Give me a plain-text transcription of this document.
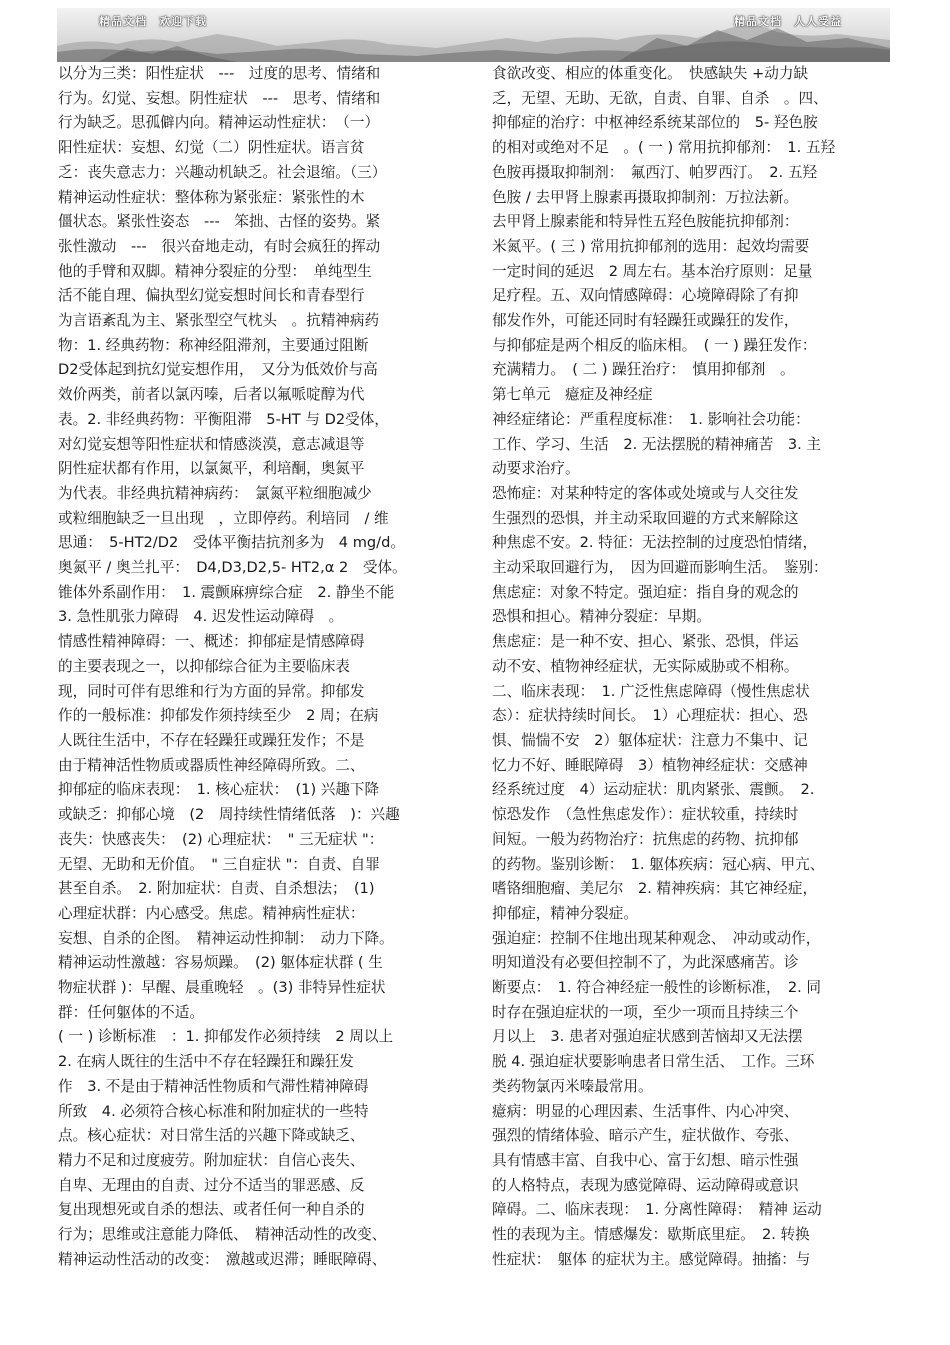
精品文档　欢迎下载	精品文档　人人受益

以分为三类：阳性症状　---　过度的思考、情绪和

行为。幻觉、妄想。阴性症状　---　思考、情绪和

行为缺乏。思孤僻内向。精神运动性症状：　（一）

阳性症状：妄想、幻觉（二）阴性症状。语言贫

乏：丧失意志力：兴趣动机缺乏。社会退缩。（三）

精神运动性症状：整体称为紧张症：紧张性的木

僵状态。紧张性姿态　---　笨拙、古怪的姿势。紧

张性激动　---　很兴奋地走动，有时会疯狂的挥动

他的手臂和双脚。精神分裂症的分型：　单纯型生

活不能自理、偏执型幻觉妄想时间长和青春型行

为言语紊乱为主、紧张型空气枕头　。抗精神病药

物：1. 经典药物：称神经阻滞剂，主要通过阻断

D2受体起到抗幻觉妄想作用，　又分为低效价与高

效价两类，前者以氯丙嗪，后者以氟哌啶醇为代

表。2. 非经典药物：平衡阻滞　5-HT 与 D2受体，

对幻觉妄想等阳性症状和情感淡漠，意志减退等

阴性症状都有作用，以氯氮平，利培酮，奥氮平

为代表。非经典抗精神病药：　氯氮平粒细胞减少

或粒细胞缺乏一旦出现　，立即停药。利培同　/ 维

思通：　5-HT2/D2　受体平衡拮抗剂多为　4 mg/d。

奥氮平 / 奥兰扎平：　D4,D3,D2,5- HT2,α 2　受体。

锥体外系副作用：　1. 震颤麻痹综合症　2. 静坐不能

3. 急性肌张力障碍　4. 迟发性运动障碍　。

情感性精神障碍：一、概述：抑郁症是情感障碍

的主要表现之一，以抑郁综合征为主要临床表

现，同时可伴有思维和行为方面的异常。抑郁发

作的一般标准：抑郁发作须持续至少　2 周；在病

人既往生活中，不存在轻躁狂或躁狂发作；不是

由于精神活性物质或器质性神经障碍所致。二、

抑郁症的临床表现：　1. 核心症状：　(1) 兴趣下降

或缺乏：抑郁心境　(2　周持续性情绪低落　)：兴趣

丧失：快感丧失：　(2) 心理症状：　" 三无症状 "：

无望、无助和无价值。　" 三自症状 "：自责、自罪

甚至自杀。　2. 附加症状：自责、自杀想法；　(1)

心理症状群：内心感受。焦虑。精神病性症状：

妄想、自杀的企图。　精神运动性抑制：　动力下降。

精神运动性激越：容易烦躁。　(2) 躯体症状群 ( 生

物症状群 )：早醒、晨重晚轻　。(3) 非特异性症状

群：任何躯体的不适。

( 一 ) 诊断标准　：1. 抑郁发作必须持续　2 周以上

2. 在病人既往的生活中不存在轻躁狂和躁狂发

作　3. 不是由于精神活性物质和气滞性精神障碍

所致　4. 必须符合核心标准和附加症状的一些特

点。核心症状：对日常生活的兴趣下降或缺乏、

精力不足和过度疲劳。附加症状：自信心丧失、

自卑、无理由的自责、过分不适当的罪恶感、反

复出现想死或自杀的想法、或者任何一种自杀的

行为；思维或注意能力降低、　精神活动性的改变、

精神运动性活动的改变：　激越或迟滞；睡眠障碍、

食欲改变、相应的体重变化。　快感缺失 +动力缺

乏，无望、无助、无欲，自责、自罪、自杀　。四、

抑郁症的治疗：中枢神经系统某部位的　5- 羟色胺

的相对或绝对不足　。( 一 ) 常用抗抑郁剂：　1. 五羟

色胺再摄取抑制剂：　氟西汀、帕罗西汀。　2. 五羟

色胺 / 去甲肾上腺素再摄取抑制剂：万拉法新。

去甲肾上腺素能和特异性五羟色胺能抗抑郁剂：

米氮平。( 三 ) 常用抗抑郁剂的选用：起效均需要

一定时间的延迟　2 周左右。基本治疗原则：足量

足疗程。五、双向情感障碍：心境障碍除了有抑

郁发作外，可能还同时有轻躁狂或躁狂的发作，

与抑郁症是两个相反的临床相。　( 一 ) 躁狂发作：

充满精力。　( 二 ) 躁狂治疗：　慎用抑郁剂　。

第七单元　癔症及神经症

神经症绪论：严重程度标准：　1. 影响社会功能：

工作、学习、生活　2. 无法摆脱的精神痛苦　3. 主

动要求治疗。

恐怖症：对某种特定的客体或处境或与人交往发

生强烈的恐惧，并主动采取回避的方式来解除这

种焦虑不安。2. 特征：无法控制的过度恐怕情绪，

主动采取回避行为，　因为回避而影响生活。　鉴别：

焦虑症：对象不特定。强迫症：指自身的观念的

恐惧和担心。精神分裂症：早期。

焦虑症：是一种不安、担心、紧张、恐惧，伴运

动不安、植物神经症状，无实际威胁或不相称。

二、临床表现：　1. 广泛性焦虑障碍（慢性焦虑状

态）：症状持续时间长。　1）心理症状：担心、恐

惧、惴惴不安　2）躯体症状：注意力不集中、记

忆力不好、睡眠障碍　3）植物神经症状：交感神

经系统过度　4）运动症状：肌肉紧张、震颤。　2.

惊恐发作　（急性焦虑发作）：症状较重，持续时

间短。一般为药物治疗：抗焦虑的药物、抗抑郁

的药物。鉴别诊断：　1. 躯体疾病：冠心病、甲亢、

嗜铬细胞瘤、美尼尔　2. 精神疾病：其它神经症，

抑郁症，精神分裂症。

强迫症：控制不住地出现某种观念、　冲动或动作，

明知道没有必要但控制不了，为此深感痛苦。诊

断要点：　1. 符合神经症一般性的诊断标准，　2. 同

时存在强迫症状的一项，至少一项而且持续三个

月以上　3. 患者对强迫症状感到苦恼却又无法摆

脱 4. 强迫症状要影响患者日常生活、　工作。三环

类药物氯丙米嗪最常用。

癔病：明显的心理因素、生活事件、内心冲突、

强烈的情绪体验、暗示产生，症状做作、夸张、

具有情感丰富、自我中心、富于幻想、暗示性强

的人格特点，表现为感觉障碍、运动障碍或意识

障碍。二、临床表现：　1. 分离性障碍：　精神 运动

性的表现为主。情感爆发：歇斯底里症。　2. 转换

性症状：　躯体 的症状为主。感觉障碍。抽搐：与
